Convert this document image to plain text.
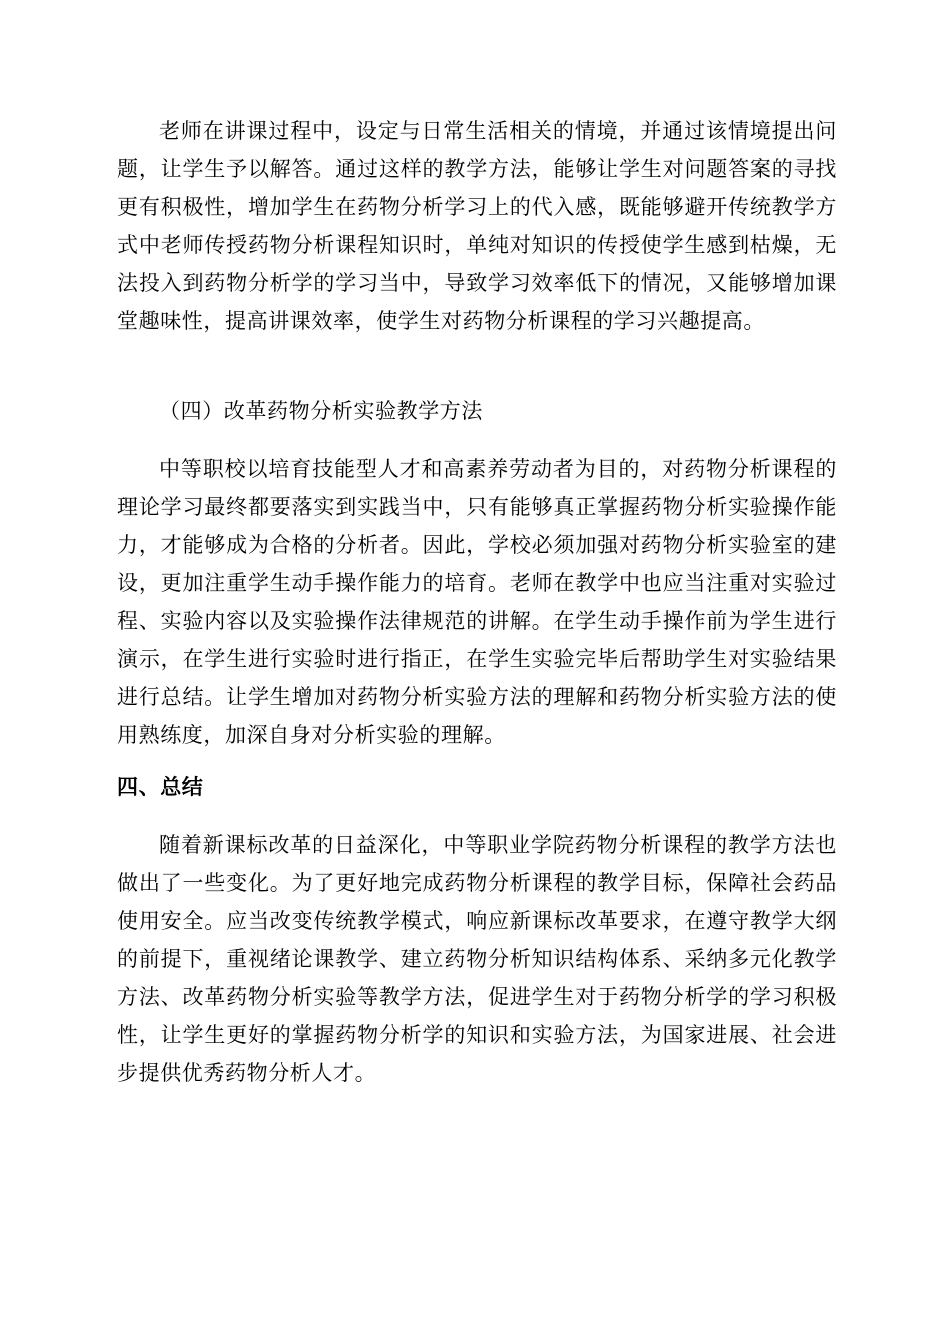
老师在讲课过程中，设定与日常生活相关的情境，并通过该情境提出问题，让学生予以解答。通过这样的教学方法，能够让学生对问题答案的寻找更有积极性，增加学生在药物分析学习上的代入感，既能够避开传统教学方式中老师传授药物分析课程知识时，单纯对知识的传授使学生感到枯燥，无法投入到药物分析学的学习当中，导致学习效率低下的情况，又能够增加课堂趣味性，提高讲课效率，使学生对药物分析课程的学习兴趣提高。

（四）改革药物分析实验教学方法

中等职校以培育技能型人才和高素养劳动者为目的，对药物分析课程的理论学习最终都要落实到实践当中，只有能够真正掌握药物分析实验操作能力，才能够成为合格的分析者。因此，学校必须加强对药物分析实验室的建设，更加注重学生动手操作能力的培育。老师在教学中也应当注重对实验过程、实验内容以及实验操作法律规范的讲解。在学生动手操作前为学生进行演示，在学生进行实验时进行指正，在学生实验完毕后帮助学生对实验结果进行总结。让学生增加对药物分析实验方法的理解和药物分析实验方法的使用熟练度，加深自身对分析实验的理解。

四、总结

随着新课标改革的日益深化，中等职业学院药物分析课程的教学方法也做出了一些变化。为了更好地完成药物分析课程的教学目标，保障社会药品使用安全。应当改变传统教学模式，响应新课标改革要求，在遵守教学大纲的前提下，重视绪论课教学、建立药物分析知识结构体系、采纳多元化教学方法、改革药物分析实验等教学方法，促进学生对于药物分析学的学习积极性，让学生更好的掌握药物分析学的知识和实验方法，为国家进展、社会进步提供优秀药物分析人才。
